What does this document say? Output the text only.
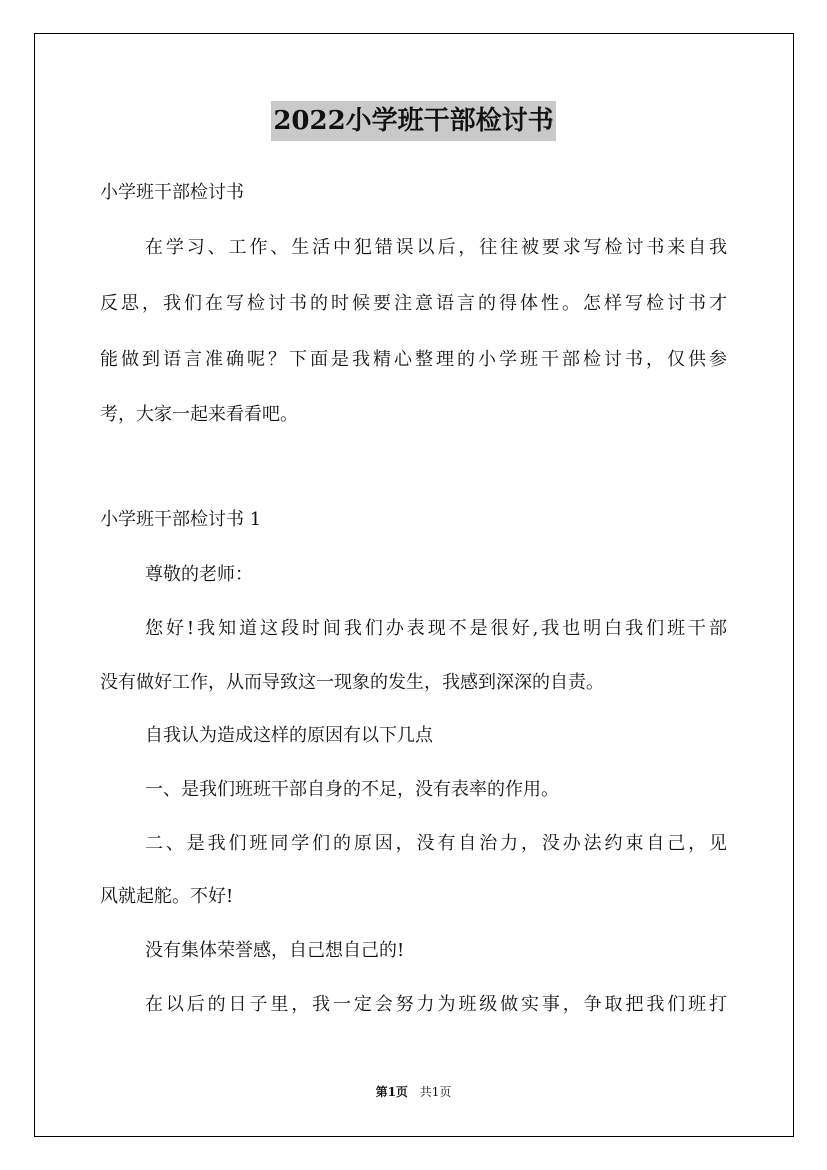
2022小学班干部检讨书
小学班干部检讨书
在学习、工作、生活中犯错误以后，往往被要求写检讨书来自我
反思，我们在写检讨书的时候要注意语言的得体性。怎样写检讨书才
能做到语言准确呢？下面是我精心整理的小学班干部检讨书，仅供参
考，大家一起来看看吧。
小学班干部检讨书 1
尊敬的老师：
您好!我知道这段时间我们办表现不是很好,我也明白我们班干部
没有做好工作，从而导致这一现象的发生，我感到深深的自责。
自我认为造成这样的原因有以下几点
一、是我们班班干部自身的不足，没有表率的作用。
二、是我们班同学们的原因，没有自治力，没办法约束自己，见
风就起舵。不好!
没有集体荣誉感，自己想自己的!
在以后的日子里，我一定会努力为班级做实事，争取把我们班打
第1页 共1页
